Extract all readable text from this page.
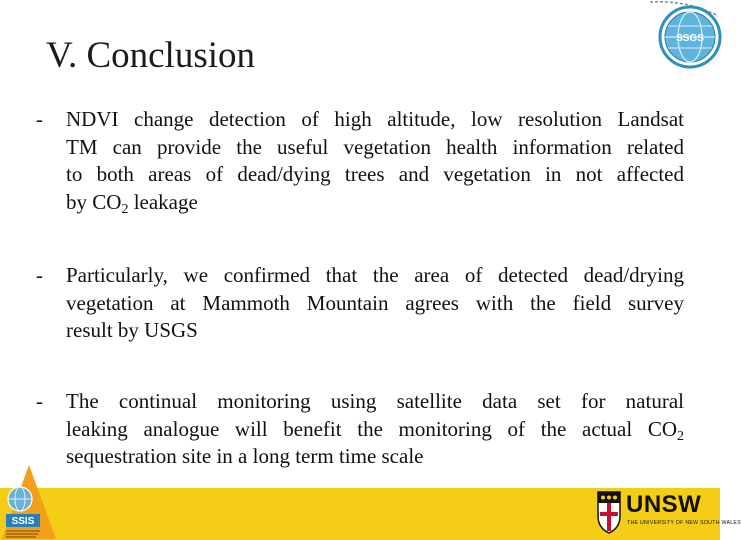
V. Conclusion	SSGS
- NDVI change detection of high altitude, low resolution Landsat
TM can provide the useful vegetation health information related
to both areas of dead/dying trees and vegetation in not affected
by $CO_2$ leakage
- Particularly, we confirmed that the area of detected dead/drying
vegetation at Mammoth Mountain agrees with the field survey
result by USGS
- The continual monitoring using satellite data set for natural
leaking analogue will benefit the monitoring of the actual $CO_2$
sequestration site in a long term time scale
SSIS
UNSW
THE UNIVERSITY OF NEW SOUTH WALES
